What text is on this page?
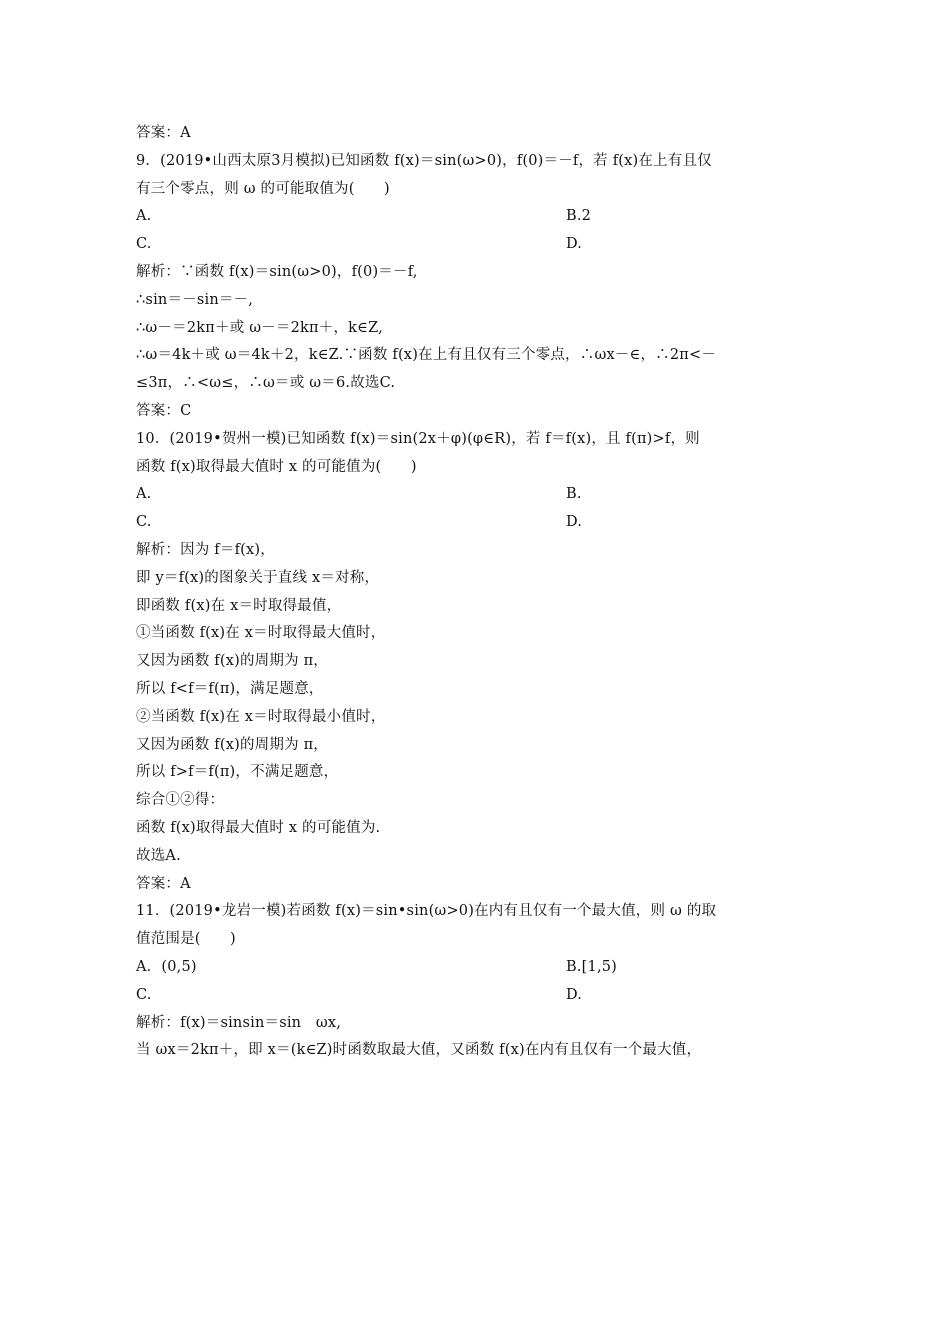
答案：A
9．(2019•山西太原3月模拟)已知函数 f(x)＝sin(ω>0)，f(0)＝－f，若 f(x)在上有且仅
有三个零点，则 ω 的可能取值为(　　)
A.	B.2
C.	D.
解析：∵函数 f(x)＝sin(ω>0)，f(0)＝－f,
∴sin＝－sin＝－,
∴ω－＝2kπ＋或 ω－＝2kπ＋，k∈Z,
∴ω＝4k＋或 ω＝4k＋2，k∈Z.∵函数 f(x)在上有且仅有三个零点，∴ωx－∈，∴2π<－
≤3π，∴<ω≤，∴ω＝或 ω＝6.故选C.
答案：C
10．(2019•贺州一模)已知函数 f(x)＝sin(2x＋φ)(φ∈R)，若 f＝f(x)，且 f(π)>f，则
函数 f(x)取得最大值时 x 的可能值为(　　)
A.	B.
C.	D.
解析：因为 f＝f(x)，
即 y＝f(x)的图象关于直线 x＝对称，
即函数 f(x)在 x＝时取得最值，
①当函数 f(x)在 x＝时取得最大值时，
又因为函数 f(x)的周期为 π，
所以 f<f＝f(π)，满足题意，
②当函数 f(x)在 x＝时取得最小值时，
又因为函数 f(x)的周期为 π，
所以 f>f＝f(π)，不满足题意，
综合①②得：
函数 f(x)取得最大值时 x 的可能值为.
故选A.
答案：A
11．(2019•龙岩一模)若函数 f(x)＝sin•sin(ω>0)在内有且仅有一个最大值，则 ω 的取
值范围是(　　)
A．(0,5)	B.[1,5)
C.	D.
解析：f(x)＝sinsin＝sin　ωx,
当 ωx＝2kπ＋，即 x＝(k∈Z)时函数取最大值，又函数 f(x)在内有且仅有一个最大值，
